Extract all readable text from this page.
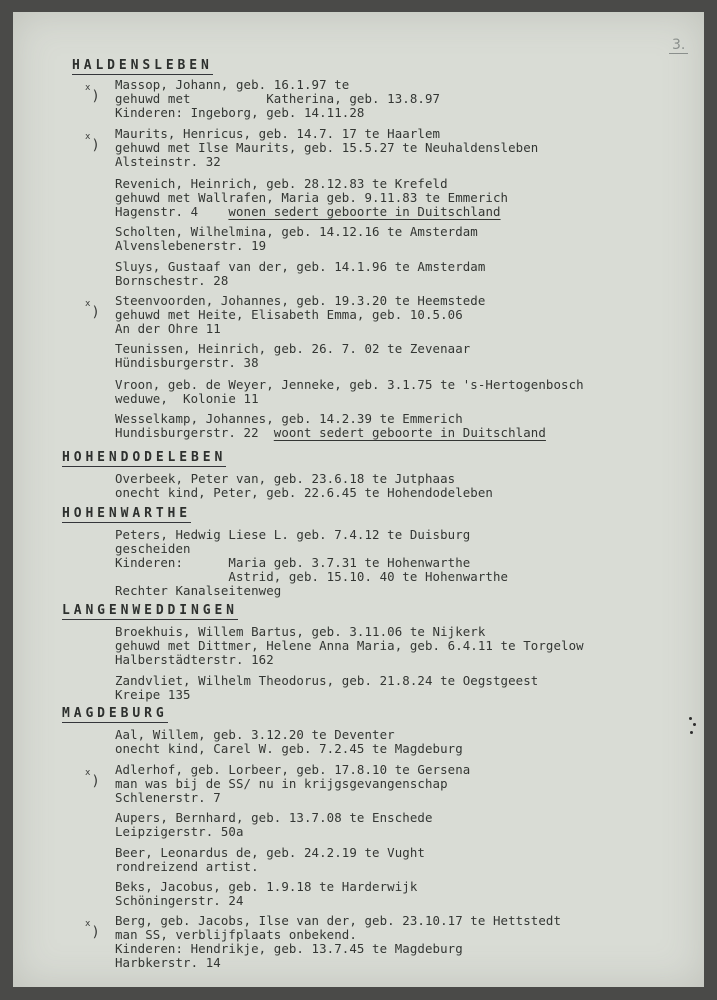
3.
HALDENSLEBEN
Massop, Johann, geb. 16.1.97 te
gehuwd met          Katherina, geb. 13.8.97
Kinderen: Ingeborg, geb. 14.11.28
$^x$)
Maurits, Henricus, geb. 14.7. 17 te Haarlem
gehuwd met Ilse Maurits, geb. 15.5.27 te Neuhaldensleben
Alsteinstr. 32
$^x$)
Revenich, Heinrich, geb. 28.12.83 te Krefeld
gehuwd met Wallrafen, Maria geb. 9.11.83 te Emmerich
Hagenstr. 4    wonen sedert geboorte in Duitschland
Scholten, Wilhelmina, geb. 14.12.16 te Amsterdam
Alvenslebenerstr. 19
Sluys, Gustaaf van der, geb. 14.1.96 te Amsterdam
Bornschestr. 28
Steenvoorden, Johannes, geb. 19.3.20 te Heemstede
gehuwd met Heite, Elisabeth Emma, geb. 10.5.06
An der Ohre 11
$^x$)
Teunissen, Heinrich, geb. 26. 7. 02 te Zevenaar
Hündisburgerstr. 38
Vroon, geb. de Weyer, Jenneke, geb. 3.1.75 te 's-Hertogenbosch
weduwe,  Kolonie 11
Wesselkamp, Johannes, geb. 14.2.39 te Emmerich
Hundisburgerstr. 22  woont sedert geboorte in Duitschland
HOHENDODELEBEN
Overbeek, Peter van, geb. 23.6.18 te Jutphaas
onecht kind, Peter, geb. 22.6.45 te Hohendodeleben
HOHENWARTHE
Peters, Hedwig Liese L. geb. 7.4.12 te Duisburg
gescheiden
Kinderen:      Maria geb. 3.7.31 te Hohenwarthe
Astrid, geb. 15.10. 40 te Hohenwarthe
Rechter Kanalseitenweg
LANGENWEDDINGEN
Broekhuis, Willem Bartus, geb. 3.11.06 te Nijkerk
gehuwd met Dittmer, Helene Anna Maria, geb. 6.4.11 te Torgelow
Halberstädterstr. 162
Zandvliet, Wilhelm Theodorus, geb. 21.8.24 te Oegstgeest
Kreipe 135
MAGDEBURG
Aal, Willem, geb. 3.12.20 te Deventer
onecht kind, Carel W. geb. 7.2.45 te Magdeburg
Adlerhof, geb. Lorbeer, geb. 17.8.10 te Gersena
man was bij de SS/ nu in krijgsgevangenschap
Schlenerstr. 7
$^x$)
Aupers, Bernhard, geb. 13.7.08 te Enschede
Leipzigerstr. 50a
Beer, Leonardus de, geb. 24.2.19 te Vught
rondreizend artist.
Beks, Jacobus, geb. 1.9.18 te Harderwijk
Schöningerstr. 24
Berg, geb. Jacobs, Ilse van der, geb. 23.10.17 te Hettstedt
man SS, verblijfplaats onbekend.
Kinderen: Hendrikje, geb. 13.7.45 te Magdeburg
Harbkerstr. 14
$^x$)
